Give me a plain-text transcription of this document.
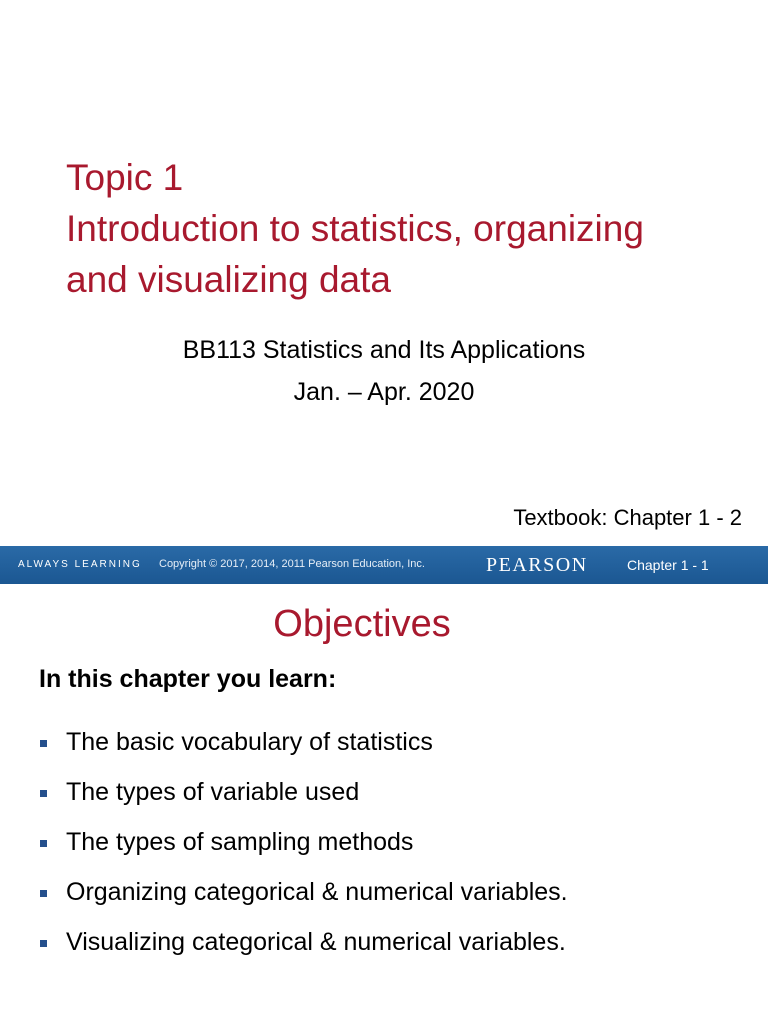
Topic 1
Introduction to statistics, organizing
and visualizing data
BB113 Statistics and Its Applications
Jan. – Apr. 2020
Textbook: Chapter 1 - 2
ALWAYS LEARNING Copyright © 2017, 2014, 2011 Pearson Education, Inc.	PEARSON	Chapter 1 - 1
Objectives
In this chapter you learn:
The basic vocabulary of statistics
The types of variable used
The types of sampling methods
Organizing categorical & numerical variables.
Visualizing categorical & numerical variables.
